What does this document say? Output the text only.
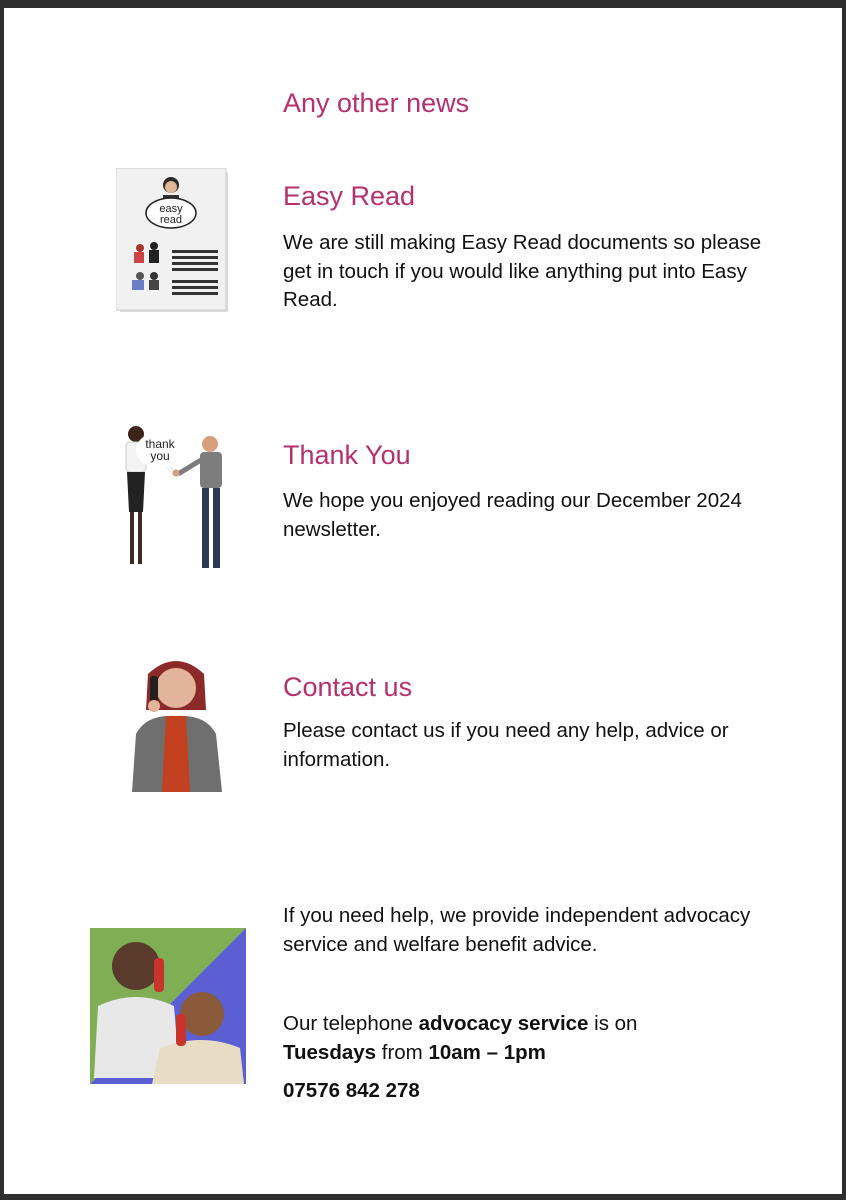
Any other news
easy
read
Easy Read

We are still making Easy Read documents so please get in touch if you would like anything put into Easy Read.

thank
you	Thank You

We hope you enjoyed reading our December 2024 newsletter.

Contact us

Please contact us if you need any help, advice or information.

If you need help, we provide independent advocacy service and welfare benefit advice.

Our telephone advocacy service is on
Tuesdays from 10am – 1pm

07576 842 278
